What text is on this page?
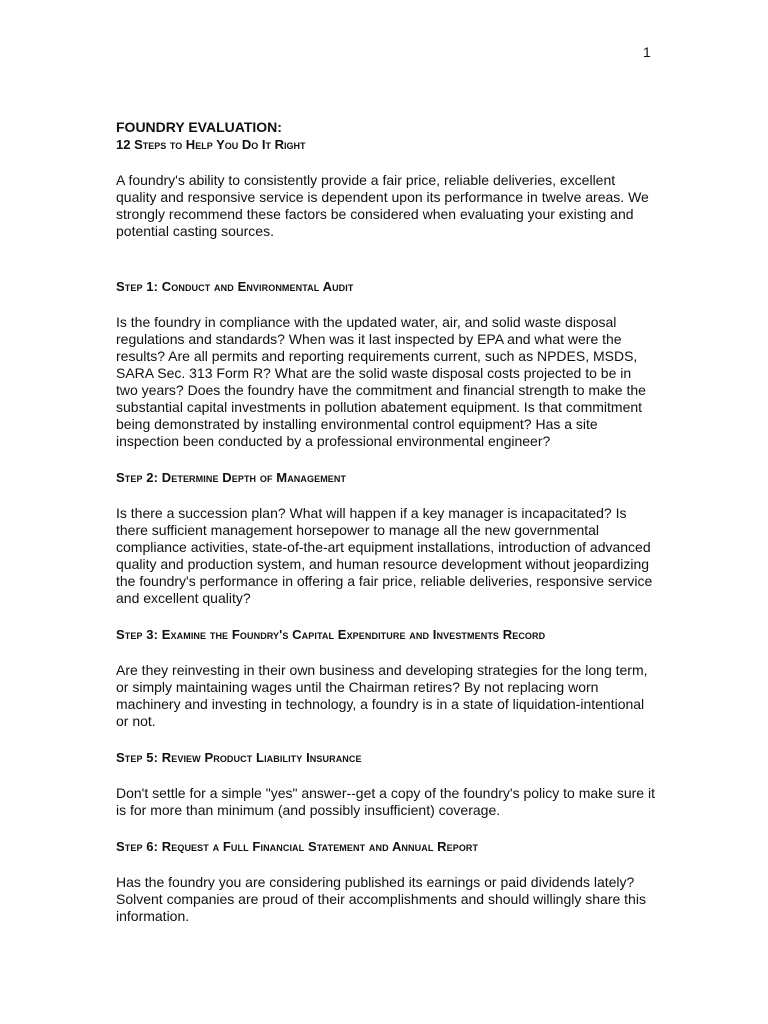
1
FOUNDRY EVALUATION:
12 Steps to Help You Do It Right

A foundry's ability to consistently provide a fair price, reliable deliveries, excellent quality and responsive service is dependent upon its performance in twelve areas. We strongly recommend these factors be considered when evaluating your existing and potential casting sources.

Step 1: Conduct and Environmental Audit

Is the foundry in compliance with the updated water, air, and solid waste disposal regulations and standards? When was it last inspected by EPA and what were the results? Are all permits and reporting requirements current, such as NPDES, MSDS, SARA Sec. 313 Form R? What are the solid waste disposal costs projected to be in two years? Does the foundry have the commitment and financial strength to make the substantial capital investments in pollution abatement equipment. Is that commitment being demonstrated by installing environmental control equipment? Has a site inspection been conducted by a professional environmental engineer?

Step 2: Determine Depth of Management

Is there a succession plan? What will happen if a key manager is incapacitated? Is there sufficient management horsepower to manage all the new governmental compliance activities, state-of-the-art equipment installations, introduction of advanced quality and production system, and human resource development without jeopardizing the foundry's performance in offering a fair price, reliable deliveries, responsive service and excellent quality?

Step 3: Examine the Foundry's Capital Expenditure and Investments Record

Are they reinvesting in their own business and developing strategies for the long term, or simply maintaining wages until the Chairman retires? By not replacing worn machinery and investing in technology, a foundry is in a state of liquidation-intentional or not.

Step 5: Review Product Liability Insurance

Don't settle for a simple "yes" answer--get a copy of the foundry's policy to make sure it is for more than minimum (and possibly insufficient) coverage.

Step 6: Request a Full Financial Statement and Annual Report

Has the foundry you are considering published its earnings or paid dividends lately? Solvent companies are proud of their accomplishments and should willingly share this information.
